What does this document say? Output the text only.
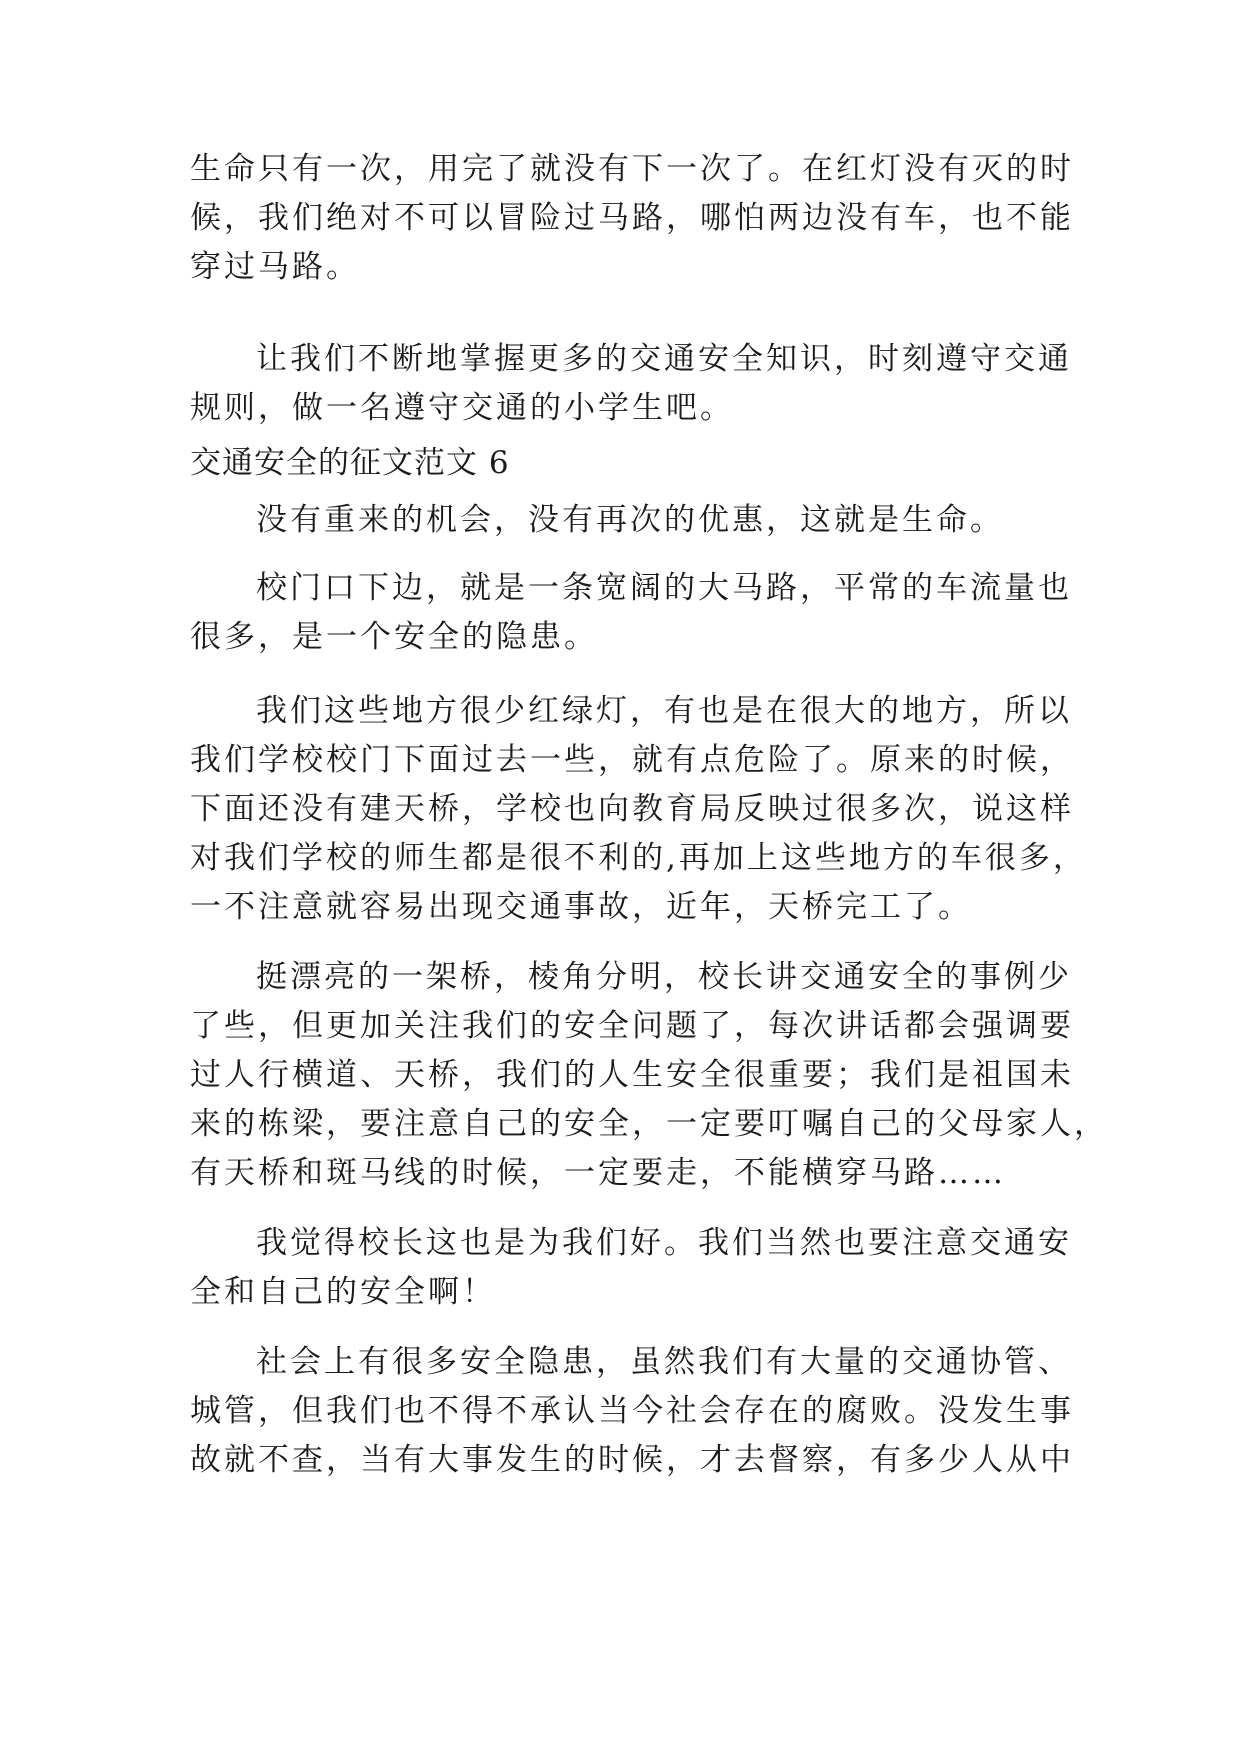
生命只有一次，用完了就没有下一次了。在红灯没有灭的时

候，我们绝对不可以冒险过马路，哪怕两边没有车，也不能

穿过马路。

让我们不断地掌握更多的交通安全知识，时刻遵守交通

规则，做一名遵守交通的小学生吧。

交通安全的征文范文 6

没有重来的机会，没有再次的优惠，这就是生命。

校门口下边，就是一条宽阔的大马路，平常的车流量也

很多，是一个安全的隐患。

我们这些地方很少红绿灯，有也是在很大的地方，所以

我们学校校门下面过去一些，就有点危险了。原来的时候，

下面还没有建天桥，学校也向教育局反映过很多次，说这样

对我们学校的师生都是很不利的,再加上这些地方的车很多，

一不注意就容易出现交通事故，近年，天桥完工了。

挺漂亮的一架桥，棱角分明，校长讲交通安全的事例少

了些，但更加关注我们的安全问题了，每次讲话都会强调要

过人行横道、天桥，我们的人生安全很重要；我们是祖国未

来的栋梁，要注意自己的安全，一定要叮嘱自己的父母家人，

有天桥和斑马线的时候，一定要走，不能横穿马路……

我觉得校长这也是为我们好。我们当然也要注意交通安

全和自己的安全啊！

社会上有很多安全隐患，虽然我们有大量的交通协管、

城管，但我们也不得不承认当今社会存在的腐败。没发生事

故就不查，当有大事发生的时候，才去督察，有多少人从中
